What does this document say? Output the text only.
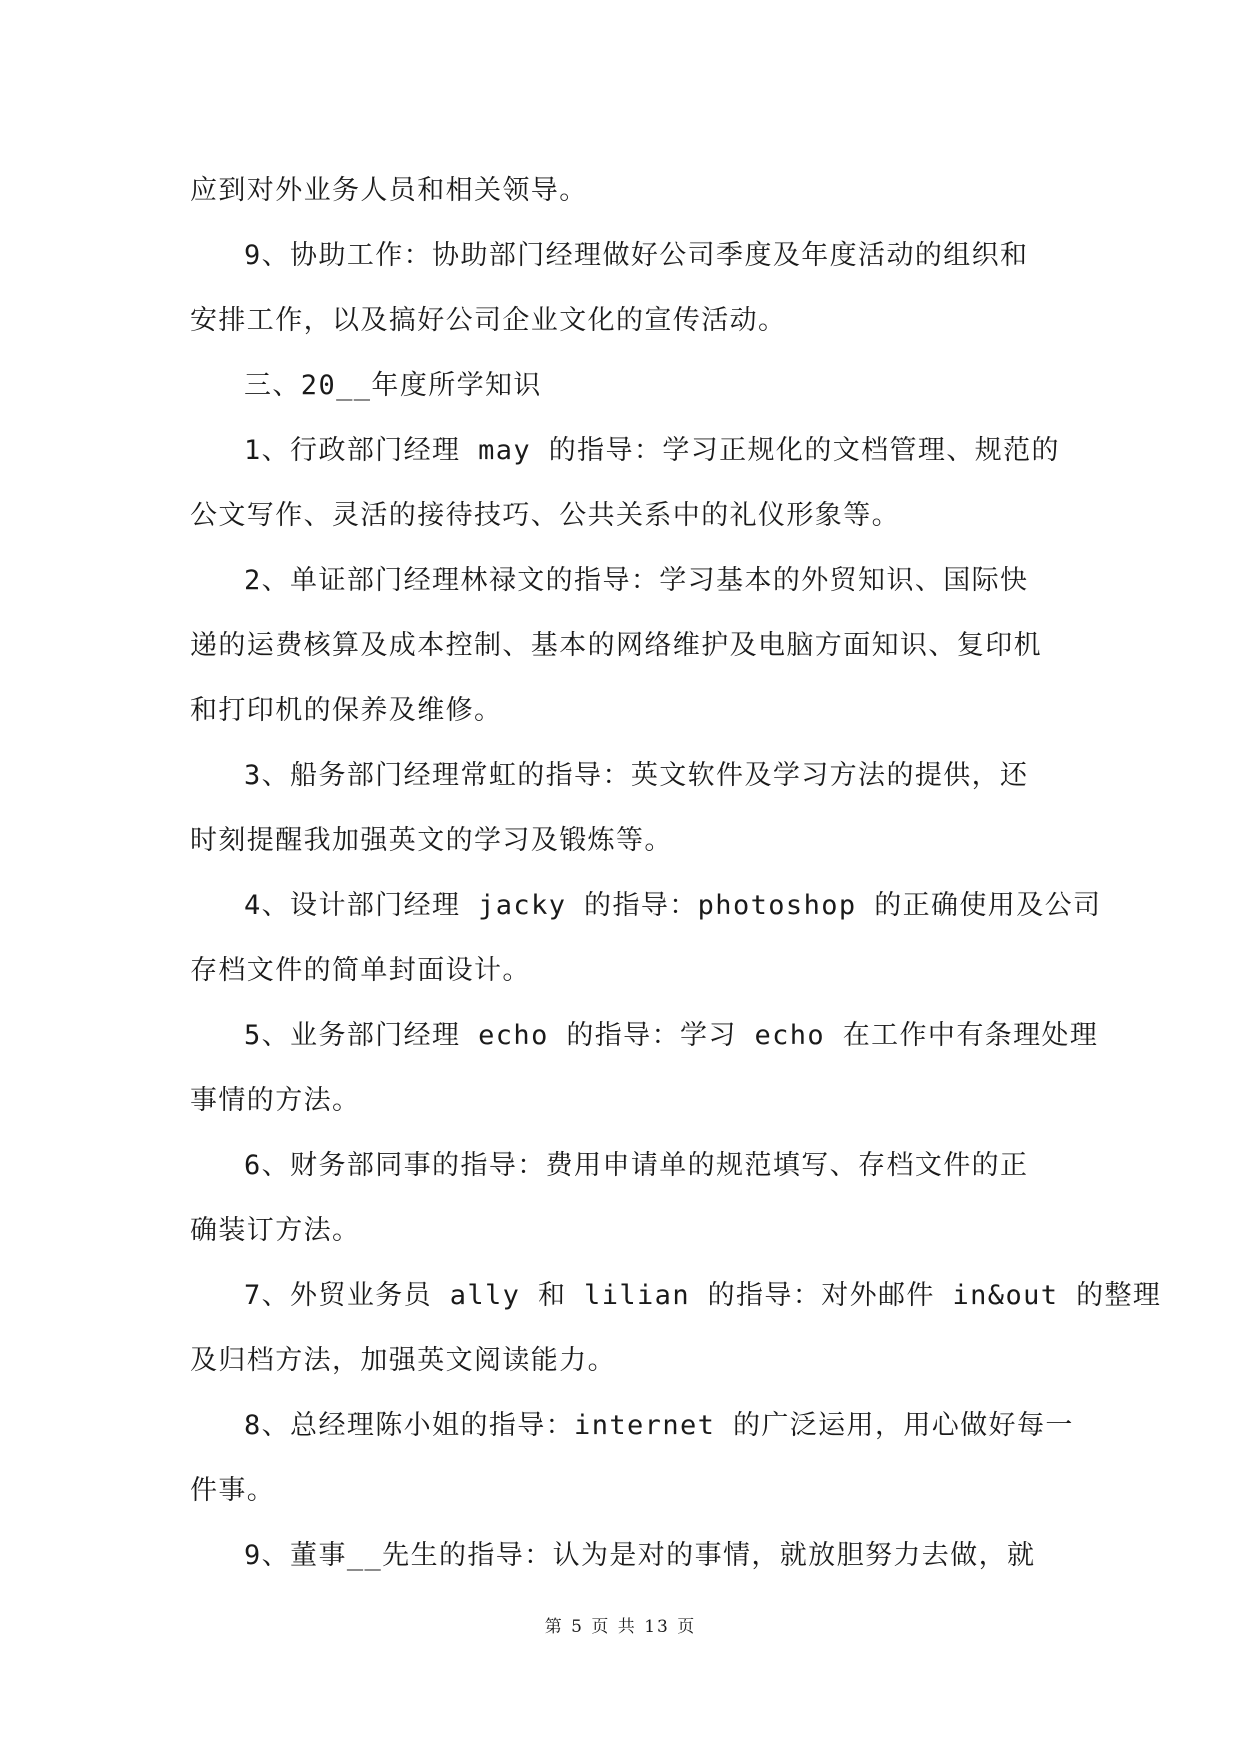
应到对外业务人员和相关领导。
9、协助工作：协助部门经理做好公司季度及年度活动的组织和
安排工作，以及搞好公司企业文化的宣传活动。
三、20__年度所学知识
1、行政部门经理 may 的指导：学习正规化的文档管理、规范的
公文写作、灵活的接待技巧、公共关系中的礼仪形象等。
2、单证部门经理林禄文的指导：学习基本的外贸知识、国际快
递的运费核算及成本控制、基本的网络维护及电脑方面知识、复印机
和打印机的保养及维修。
3、船务部门经理常虹的指导：英文软件及学习方法的提供，还
时刻提醒我加强英文的学习及锻炼等。
4、设计部门经理 jacky 的指导：photoshop 的正确使用及公司
存档文件的简单封面设计。
5、业务部门经理 echo 的指导：学习 echo 在工作中有条理处理
事情的方法。
6、财务部同事的指导：费用申请单的规范填写、存档文件的正
确装订方法。
7、外贸业务员 ally 和 lilian 的指导：对外邮件 in&out 的整理
及归档方法，加强英文阅读能力。
8、总经理陈小姐的指导：internet 的广泛运用，用心做好每一
件事。
9、董事__先生的指导：认为是对的事情，就放胆努力去做，就
第 5 页 共 13 页
